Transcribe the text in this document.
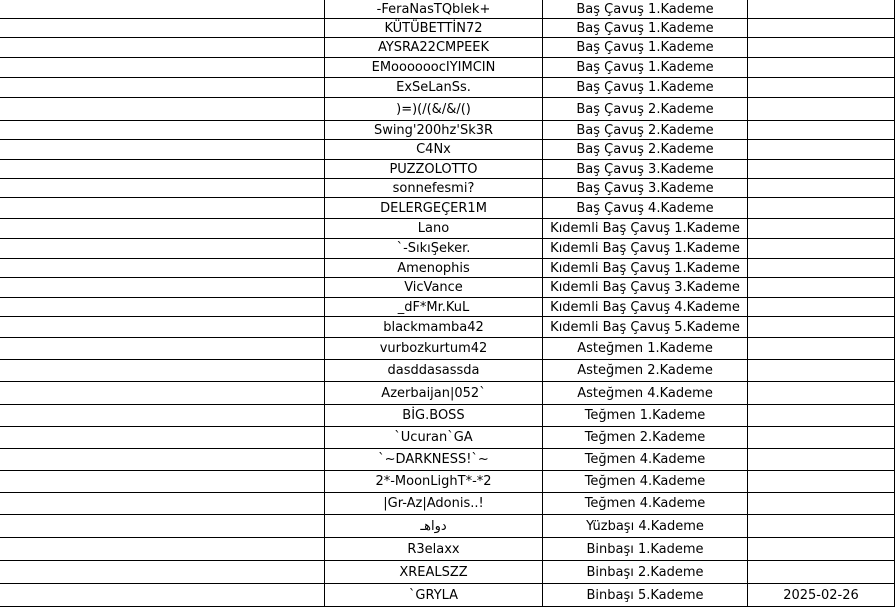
-FeraNasTQblek+	Baş Çavuş 1.Kademe
KÜTÜBETTİN72	Baş Çavuş 1.Kademe
AYSRA22CMPEEK	Baş Çavuş 1.Kademe
EMoooooocIYIMCIN	Baş Çavuş 1.Kademe
ExSeLanSs.	Baş Çavuş 1.Kademe
)=)(/(&/&/()	Baş Çavuş 2.Kademe
Swing'200hz'Sk3R	Baş Çavuş 2.Kademe
C4Nx	Baş Çavuş 2.Kademe
PUZZOLOTTO	Baş Çavuş 3.Kademe
sonnefesmi?	Baş Çavuş 3.Kademe
DELERGEÇER1M	Baş Çavuş 4.Kademe
Lano	Kıdemli Baş Çavuş 1.Kademe
`-SıkıŞeker.	Kıdemli Baş Çavuş 1.Kademe
Amenophis	Kıdemli Baş Çavuş 1.Kademe
VicVance	Kıdemli Baş Çavuş 3.Kademe
_dF*Mr.KuL	Kıdemli Baş Çavuş 4.Kademe
blackmamba42	Kıdemli Baş Çavuş 5.Kademe
vurbozkurtum42	Asteğmen 1.Kademe
dasddasassda	Asteğmen 2.Kademe
Azerbaijan|052`	Asteğmen 4.Kademe
BİG.BOSS	Teğmen 1.Kademe
`Ucuran`GA	Teğmen 2.Kademe
`~DARKNESS!`~	Teğmen 4.Kademe
2*-MoonLighT*-*2	Teğmen 4.Kademe
|Gr-Az|Adonis..!	Teğmen 4.Kademe
دواهـ	Yüzbaşı 4.Kademe
R3elaxx	Binbaşı 1.Kademe
XREALSZZ	Binbaşı 2.Kademe
`GRYLA	Binbaşı 5.Kademe	2025-02-26
